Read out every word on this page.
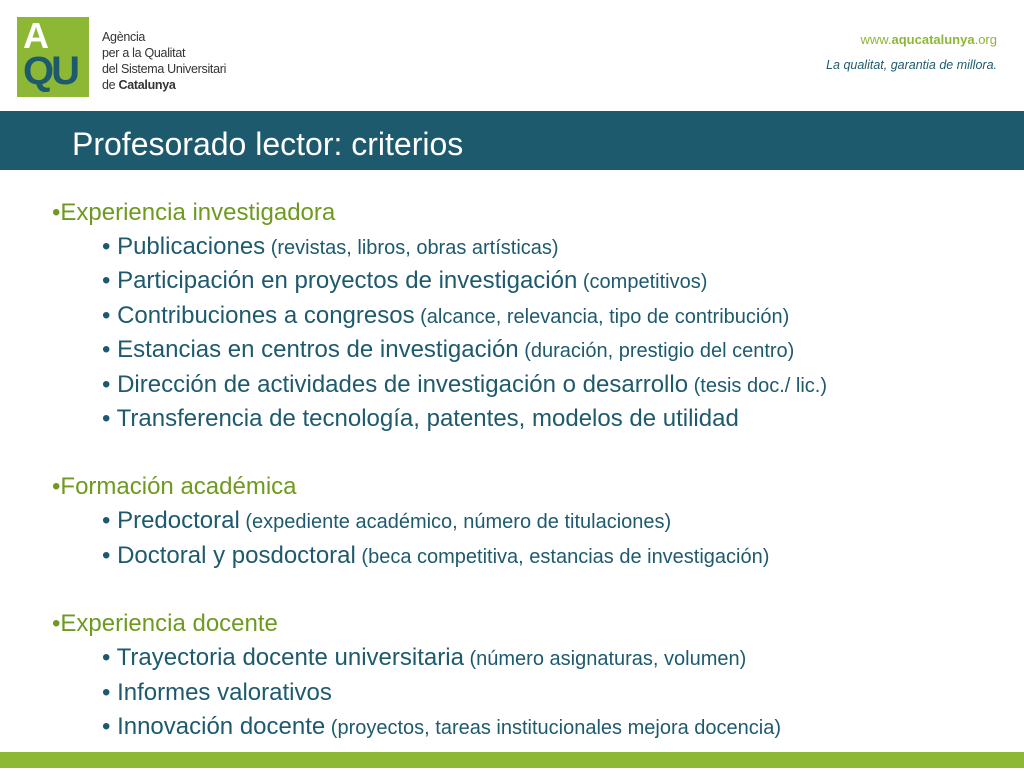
A
QU
Agència
per a la Qualitat
del Sistema Universitari
de Catalunya
www.aqucatalunya.org
La qualitat, garantia de millora.
Profesorado lector: criterios
•Experiencia investigadora
• Publicaciones (revistas, libros, obras artísticas)
• Participación en proyectos de investigación (competitivos)
• Contribuciones a congresos (alcance, relevancia, tipo de contribución)
• Estancias en centros de investigación (duración, prestigio del centro)
• Dirección de actividades de investigación o desarrollo (tesis doc./ lic.)
• Transferencia de tecnología, patentes, modelos de utilidad
•Formación académica
• Predoctoral (expediente académico, número de titulaciones)
• Doctoral y posdoctoral (beca competitiva, estancias de investigación)
•Experiencia docente
• Trayectoria docente universitaria (número asignaturas, volumen)
• Informes valorativos
• Innovación docente (proyectos, tareas institucionales mejora docencia)
